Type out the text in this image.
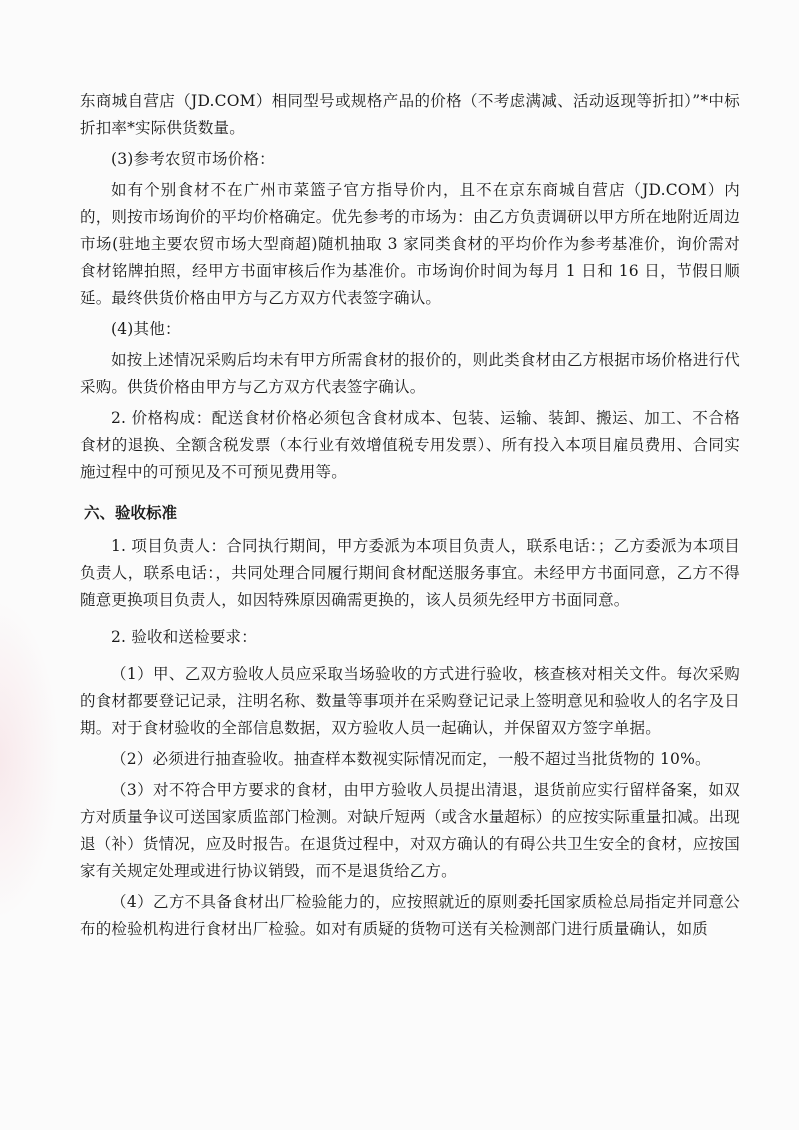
东商城自营店（JD.COM）相同型号或规格产品的价格（不考虑满减、活动返现等折扣）”*中标折扣率*实际供货数量。

(3)参考农贸市场价格：

如有个别食材不在广州市菜篮子官方指导价内，且不在京东商城自营店（JD.COM）内的，则按市场询价的平均价格确定。优先参考的市场为：由乙方负责调研以甲方所在地附近周边市场(驻地主要农贸市场大型商超)随机抽取 3 家同类食材的平均价作为参考基准价，询价需对食材铭牌拍照，经甲方书面审核后作为基准价。市场询价时间为每月 1 日和 16 日，节假日顺延。最终供货价格由甲方与乙方双方代表签字确认。

(4)其他：

如按上述情况采购后均未有甲方所需食材的报价的，则此类食材由乙方根据市场价格进行代采购。供货价格由甲方与乙方双方代表签字确认。

2. 价格构成：配送食材价格必须包含食材成本、包装、运输、装卸、搬运、加工、不合格食材的退换、全额含税发票（本行业有效增值税专用发票）、所有投入本项目雇员费用、合同实施过程中的可预见及不可预见费用等。

六、验收标准

1. 项目负责人：合同执行期间，甲方委派为本项目负责人，联系电话：；乙方委派为本项目负责人，联系电话：，共同处理合同履行期间食材配送服务事宜。未经甲方书面同意，乙方不得随意更换项目负责人，如因特殊原因确需更换的，该人员须先经甲方书面同意。

2. 验收和送检要求：

（1）甲、乙双方验收人员应采取当场验收的方式进行验收，核查核对相关文件。每次采购的食材都要登记记录，注明名称、数量等事项并在采购登记记录上签明意见和验收人的名字及日期。对于食材验收的全部信息数据，双方验收人员一起确认，并保留双方签字单据。

（2）必须进行抽查验收。抽查样本数视实际情况而定，一般不超过当批货物的 10%。

（3）对不符合甲方要求的食材，由甲方验收人员提出清退，退货前应实行留样备案，如双方对质量争议可送国家质监部门检测。对缺斤短两（或含水量超标）的应按实际重量扣减。出现退（补）货情况，应及时报告。在退货过程中，对双方确认的有碍公共卫生安全的食材，应按国家有关规定处理或进行协议销毁，而不是退货给乙方。

（4）乙方不具备食材出厂检验能力的，应按照就近的原则委托国家质检总局指定并同意公布的检验机构进行食材出厂检验。如对有质疑的货物可送有关检测部门进行质量确认，如质
